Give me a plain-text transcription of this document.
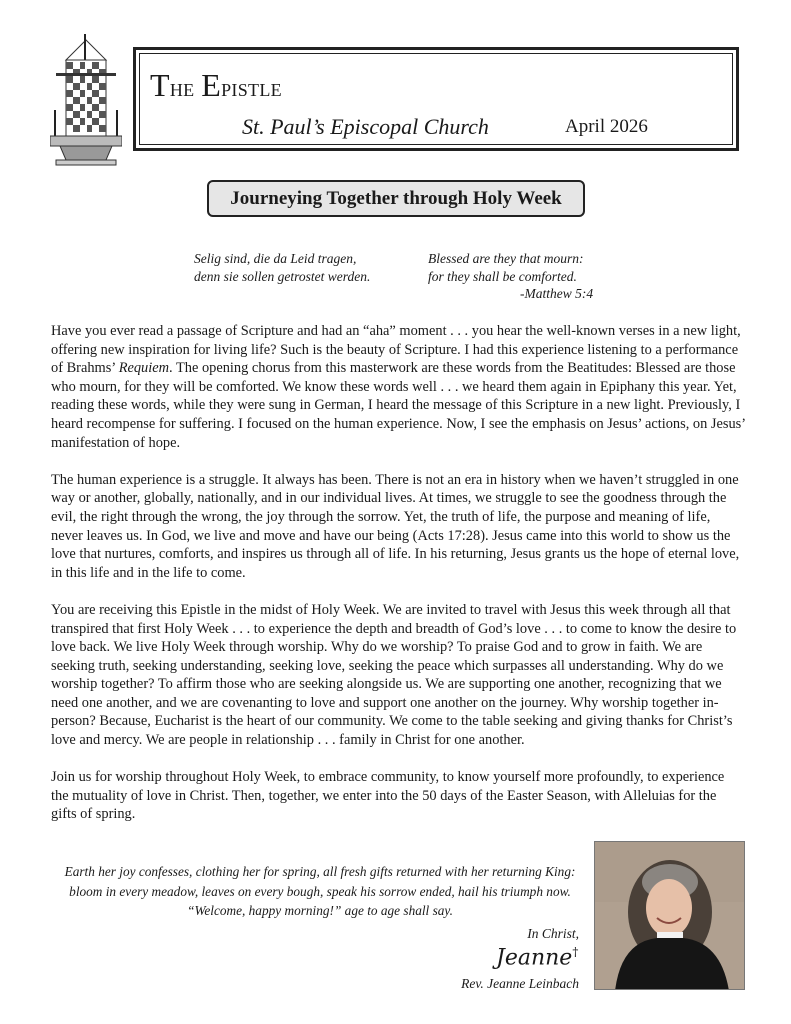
The Epistle
St. Paul’s Episcopal Church	April 2026
Journeying Together through Holy Week
Selig sind, die da Leid tragen,
denn sie sollen getrostet werden.
Blessed are they that mourn:
for they shall be comforted.
-Matthew 5:4

Have you ever read a passage of Scripture and had an “aha” moment . . . you hear the well-known verses in a new light, offering new inspiration for living life? Such is the beauty of Scripture. I had this experience listening to a performance of Brahms’ Requiem. The opening chorus from this masterwork are these words from the Beatitudes: Blessed are those who mourn, for they will be comforted. We know these words well . . . we heard them again in Epiphany this year. Yet, reading these words, while they were sung in German, I heard the message of this Scripture in a new light. Previously, I heard recompense for suffering. I focused on the human experience. Now, I see the emphasis on Jesus’ actions, on Jesus’ manifestation of hope.

The human experience is a struggle. It always has been. There is not an era in history when we haven’t struggled in one way or another, globally, nationally, and in our individual lives. At times, we struggle to see the goodness through the evil, the right through the wrong, the joy through the sorrow. Yet, the truth of life, the purpose and meaning of life, never leaves us. In God, we live and move and have our being (Acts 17:28). Jesus came into this world to show us the love that nurtures, comforts, and inspires us through all of life. In his returning, Jesus grants us the hope of eternal love, in this life and in the life to come.

You are receiving this Epistle in the midst of Holy Week. We are invited to travel with Jesus this week through all that transpired that first Holy Week . . . to experience the depth and breadth of God’s love . . . to come to know the desire to love back. We live Holy Week through worship. Why do we worship? To praise God and to grow in faith. We are seeking truth, seeking understanding, seeking love, seeking the peace which surpasses all understanding. Why do we worship together? To affirm those who are seeking alongside us. We are supporting one another, recognizing that we need one another, and we are covenanting to love and support one another on the journey. Why worship together in-person? Because, Eucharist is the heart of our community. We come to the table seeking and giving thanks for Christ’s love and mercy. We are people in relationship . . . family in Christ for one another.

Join us for worship throughout Holy Week, to embrace community, to know yourself more profoundly, to experience the mutuality of love in Christ. Then, together, we enter into the 50 days of the Easter Season, with Alleluias for the gifts of spring.

Earth her joy confesses, clothing her for spring, all fresh gifts returned with her returning King:
bloom in every meadow, leaves on every bough, speak his sorrow ended, hail his triumph now.
“Welcome, happy morning!” age to age shall say.
In Christ,
Jeanne†
Rev. Jeanne Leinbach
